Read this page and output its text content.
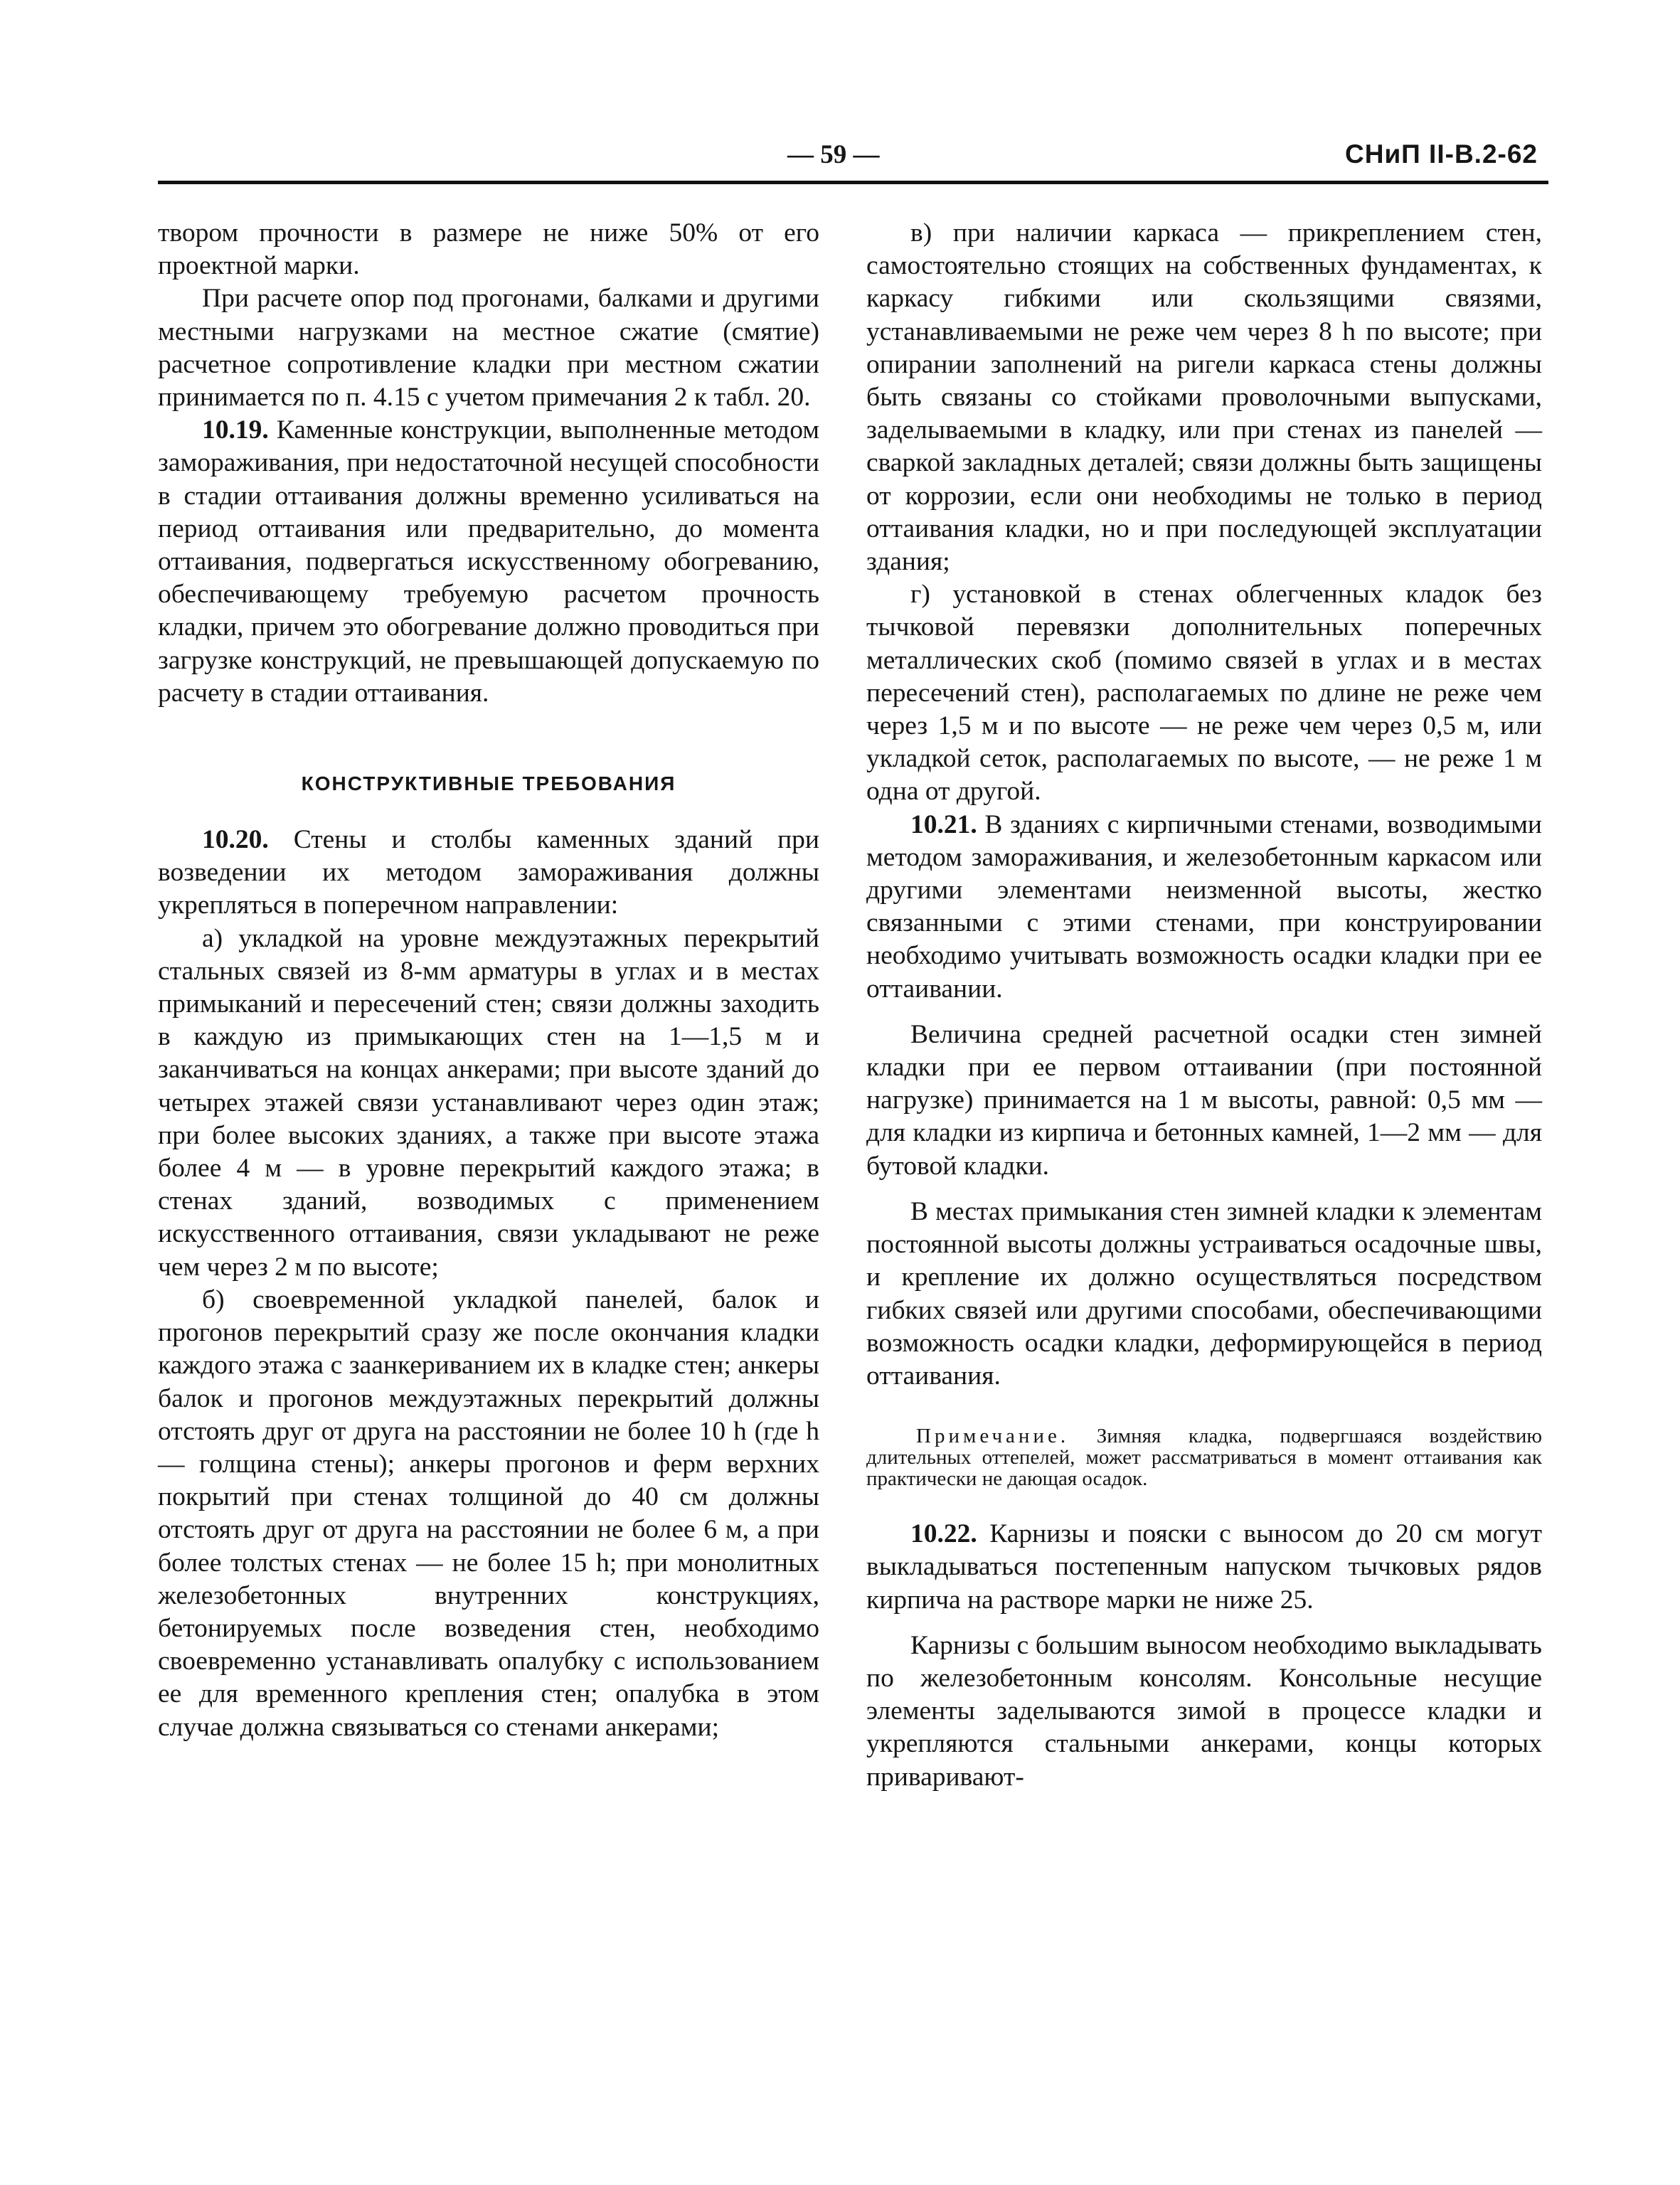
— 59 —	СНиП II-В.2-62

твором прочности в размере не ниже 50% от его проектной марки.

При расчете опор под прогонами, балками и другими местными нагрузками на местное сжатие (смятие) расчетное сопротивление кладки при местном сжатии принимается по п. 4.15 с учетом примечания 2 к табл. 20.

10.19. Каменные конструкции, выполненные методом замораживания, при недостаточной несущей способности в стадии оттаивания должны временно усиливаться на период оттаивания или предварительно, до момента оттаивания, подвергаться искусственному обогреванию, обеспечивающему требуемую расчетом прочность кладки, причем это обогревание должно проводиться при загрузке конструкций, не превышающей допускаемую по расчету в стадии оттаивания.

КОНСТРУКТИВНЫЕ ТРЕБОВАНИЯ

10.20. Стены и столбы каменных зданий при возведении их методом замораживания должны укрепляться в поперечном направлении:

а) укладкой на уровне междуэтажных перекрытий стальных связей из 8-мм арматуры в углах и в местах примыканий и пересечений стен; связи должны заходить в каждую из примыкающих стен на 1—1,5 м и заканчиваться на концах анкерами; при высоте зданий до четырех этажей связи устанавливают через один этаж; при более высоких зданиях, а также при высоте этажа более 4 м — в уровне перекрытий каждого этажа; в стенах зданий, возводимых с применением искусственного оттаивания, связи укладывают не реже чем через 2 м по высоте;

б) своевременной укладкой панелей, балок и прогонов перекрытий сразу же после окончания кладки каждого этажа с заанкериванием их в кладке стен; анкеры балок и прогонов междуэтажных перекрытий должны отстоять друг от друга на расстоянии не более 10 h (где h — голщина стены); анкеры прогонов и ферм верхних покрытий при стенах толщиной до 40 см должны отстоять друг от друга на расстоянии не более 6 м, а при более толстых стенах — не более 15 h; при монолитных железобетонных внутренних конструкциях, бетонируемых после возведения стен, необходимо своевременно устанавливать опалубку с использованием ее для временного крепления стен; опалубка в этом случае должна связываться со стенами анкерами;

в) при наличии каркаса — прикреплением стен, самостоятельно стоящих на собственных фундаментах, к каркасу гибкими или скользящими связями, устанавливаемыми не реже чем через 8 h по высоте; при опирании заполнений на ригели каркаса стены должны быть связаны со стойками проволочными выпусками, заделываемыми в кладку, или при стенах из панелей — сваркой закладных деталей; связи должны быть защищены от коррозии, если они необходимы не только в период оттаивания кладки, но и при последующей эксплуатации здания;

г) установкой в стенах облегченных кладок без тычковой перевязки дополнительных поперечных металлических скоб (помимо связей в углах и в местах пересечений стен), располагаемых по длине не реже чем через 1,5 м и по высоте — не реже чем через 0,5 м, или укладкой сеток, располагаемых по высоте, — не реже 1 м одна от другой.

10.21. В зданиях с кирпичными стенами, возводимыми методом замораживания, и железобетонным каркасом или другими элементами неизменной высоты, жестко связанными с этими стенами, при конструировании необходимо учитывать возможность осадки кладки при ее оттаивании.

Величина средней расчетной осадки стен зимней кладки при ее первом оттаивании (при постоянной нагрузке) принимается на 1 м высоты, равной: 0,5 мм — для кладки из кирпича и бетонных камней, 1—2 мм — для бутовой кладки.

В местах примыкания стен зимней кладки к элементам постоянной высоты должны устраиваться осадочные швы, и крепление их должно осуществляться посредством гибких связей или другими способами, обеспечивающими возможность осадки кладки, деформирующейся в период оттаивания.

Примечание. Зимняя кладка, подвергшаяся воздействию длительных оттепелей, может рассматриваться в момент оттаивания как практически не дающая осадок.

10.22. Карнизы и пояски с выносом до 20 см могут выкладываться постепенным напуском тычковых рядов кирпича на растворе марки не ниже 25.

Карнизы с большим выносом необходимо выкладывать по железобетонным консолям. Консольные несущие элементы заделываются зимой в процессе кладки и укрепляются стальными анкерами, концы которых приваривают-
